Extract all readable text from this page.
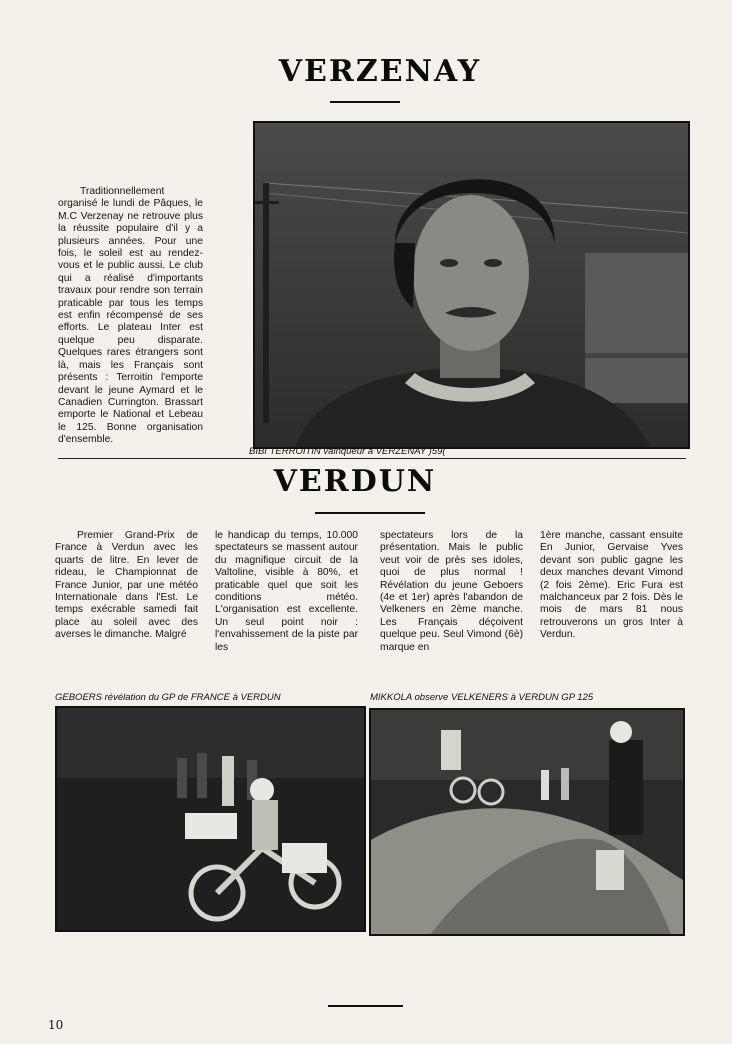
VERZENAY

Traditionnellement organisé le lundi de Pâques, le M.C Verzenay ne retrouve plus la réussite populaire d'il y a plusieurs années. Pour une fois, le soleil est au rendez-vous et le public aussi. Le club qui a réalisé d'importants travaux pour rendre son terrain praticable par tous les temps est enfin récompensé de ses efforts. Le plateau Inter est quelque peu disparate. Quelques rares étrangers sont là, mais les Français sont présents : Terroitin l'emporte devant le jeune Aymard et le Canadien Currington. Brassart emporte le National et Lebeau le 125. Bonne organisation d'ensemble.

BIBI TERROITIN vainqueur à VERZENAY )59(
VERDUN

Premier Grand-Prix de France à Verdun avec les quarts de litre. En lever de rideau, le Championnat de France Junior, par une météo Internationale dans l'Est. Le temps exécrable samedi fait place au soleil avec des averses le dimanche. Malgré

le handicap du temps, 10.000 spectateurs se massent autour du magnifique circuit de la Valtoline, visible à 80%, et praticable quel que soit les conditions météo. L'organisation est excellente. Un seul point noir : l'envahissement de la piste par les

spectateurs lors de la présentation. Mais le public veut voir de près ses idoles, quoi de plus normal ! Révélation du jeune Geboers (4e et 1er) après l'abandon de Velkeners en 2ème manche. Les Français déçoivent quelque peu. Seul Vimond (6è) marque en

1ère manche, cassant ensuite En Junior, Gervaise Yves devant son public gagne les deux manches devant Vimond (2 fois 2ème). Eric Fura est malchanceux par 2 fois. Dès le mois de mars 81 nous retrouverons un gros Inter à Verdun.

GEBOERS révélation du GP de FRANCE à VERDUN	MIKKOLA observe VELKENERS à VERDUN GP 125
10
